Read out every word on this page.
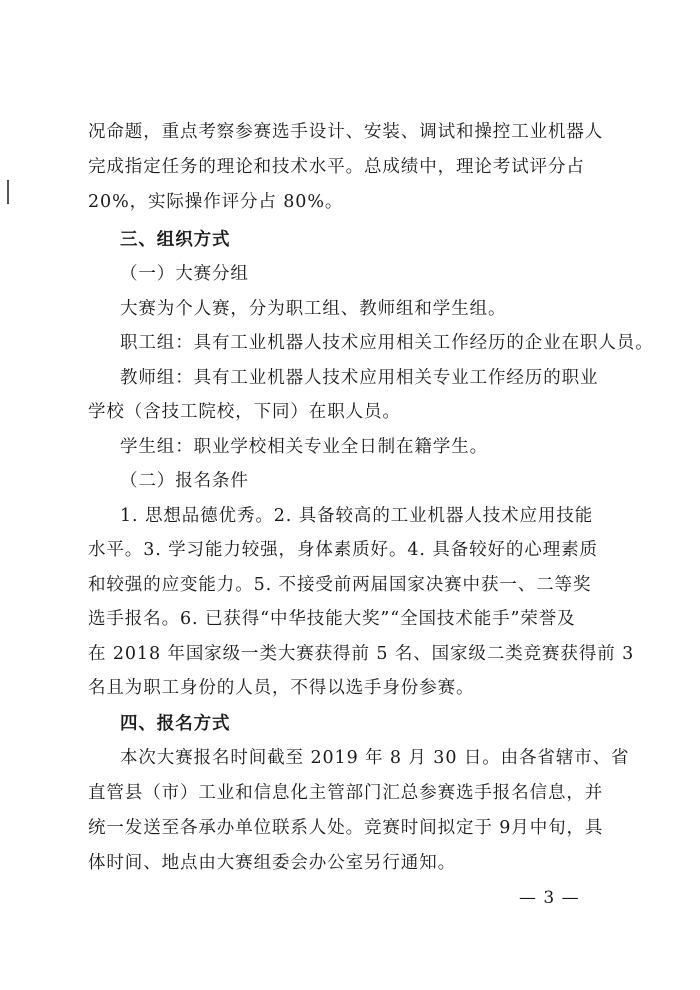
况命题，重点考察参赛选手设计、安装、调试和操控工业机器人
完成指定任务的理论和技术水平。总成绩中，理论考试评分占
20%，实际操作评分占 80%。
三、组织方式
（一）大赛分组
大赛为个人赛，分为职工组、教师组和学生组。
职工组：具有工业机器人技术应用相关工作经历的企业在职人员。
教师组：具有工业机器人技术应用相关专业工作经历的职业
学校（含技工院校，下同）在职人员。
学生组：职业学校相关专业全日制在籍学生。
（二）报名条件
1. 思想品德优秀。2. 具备较高的工业机器人技术应用技能
水平。3. 学习能力较强，身体素质好。4. 具备较好的心理素质
和较强的应变能力。5. 不接受前两届国家决赛中获一、二等奖
选手报名。6. 已获得“中华技能大奖”“全国技术能手”荣誉及
在 2018 年国家级一类大赛获得前 5 名、国家级二类竞赛获得前 3
名且为职工身份的人员，不得以选手身份参赛。
四、报名方式
本次大赛报名时间截至 2019 年 8 月 30 日。由各省辖市、省
直管县（市）工业和信息化主管部门汇总参赛选手报名信息，并
统一发送至各承办单位联系人处。竞赛时间拟定于 9月中旬，具
体时间、地点由大赛组委会办公室另行通知。
— 3 —
